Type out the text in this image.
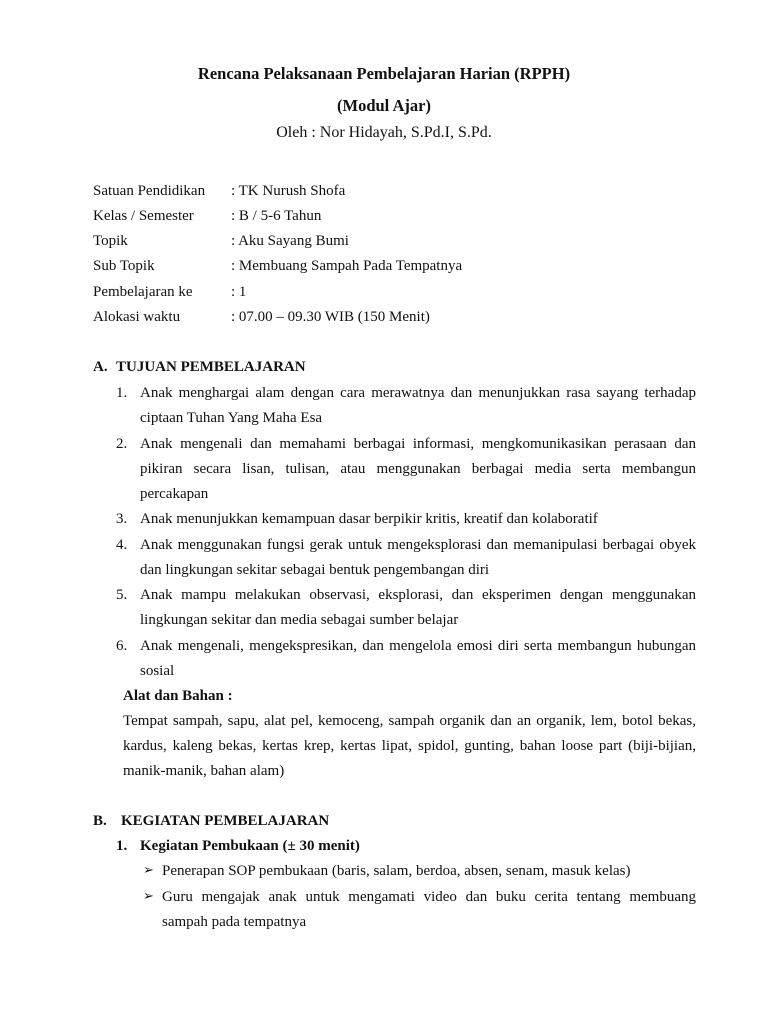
Rencana Pelaksanaan Pembelajaran Harian (RPPH)
(Modul Ajar)
Oleh : Nor Hidayah, S.Pd.I, S.Pd.
Satuan Pendidikan : TK Nurush Shofa
Kelas / Semester : B / 5-6 Tahun
Topik	: Aku Sayang Bumi
Sub Topik	: Membuang Sampah Pada Tempatnya
Pembelajaran ke	: 1
Alokasi waktu	: 07.00 – 09.30 WIB (150 Menit)
A. TUJUAN PEMBELAJARAN
1. Anak menghargai alam dengan cara merawatnya dan menunjukkan rasa sayang terhadap
ciptaan Tuhan Yang Maha Esa
2. Anak mengenali dan memahami berbagai informasi, mengkomunikasikan perasaan dan
pikiran secara lisan, tulisan, atau menggunakan berbagai media serta membangun
percakapan
3. Anak menunjukkan kemampuan dasar berpikir kritis, kreatif dan kolaboratif
4. Anak menggunakan fungsi gerak untuk mengeksplorasi dan memanipulasi berbagai obyek
dan lingkungan sekitar sebagai bentuk pengembangan diri
5. Anak mampu melakukan observasi, eksplorasi, dan eksperimen dengan menggunakan
lingkungan sekitar dan media sebagai sumber belajar
6. Anak mengenali, mengekspresikan, dan mengelola emosi diri serta membangun hubungan
sosial
Alat dan Bahan :
Tempat sampah, sapu, alat pel, kemoceng, sampah organik dan an organik, lem, botol bekas,
kardus, kaleng bekas, kertas krep, kertas lipat, spidol, gunting, bahan loose part (biji-bijian,
manik-manik, bahan alam)
B. KEGIATAN PEMBELAJARAN
1. Kegiatan Pembukaan (± 30 menit)
➢ Penerapan SOP pembukaan (baris, salam, berdoa, absen, senam, masuk kelas)
➢ Guru mengajak anak untuk mengamati video dan buku cerita tentang membuang
sampah pada tempatnya
